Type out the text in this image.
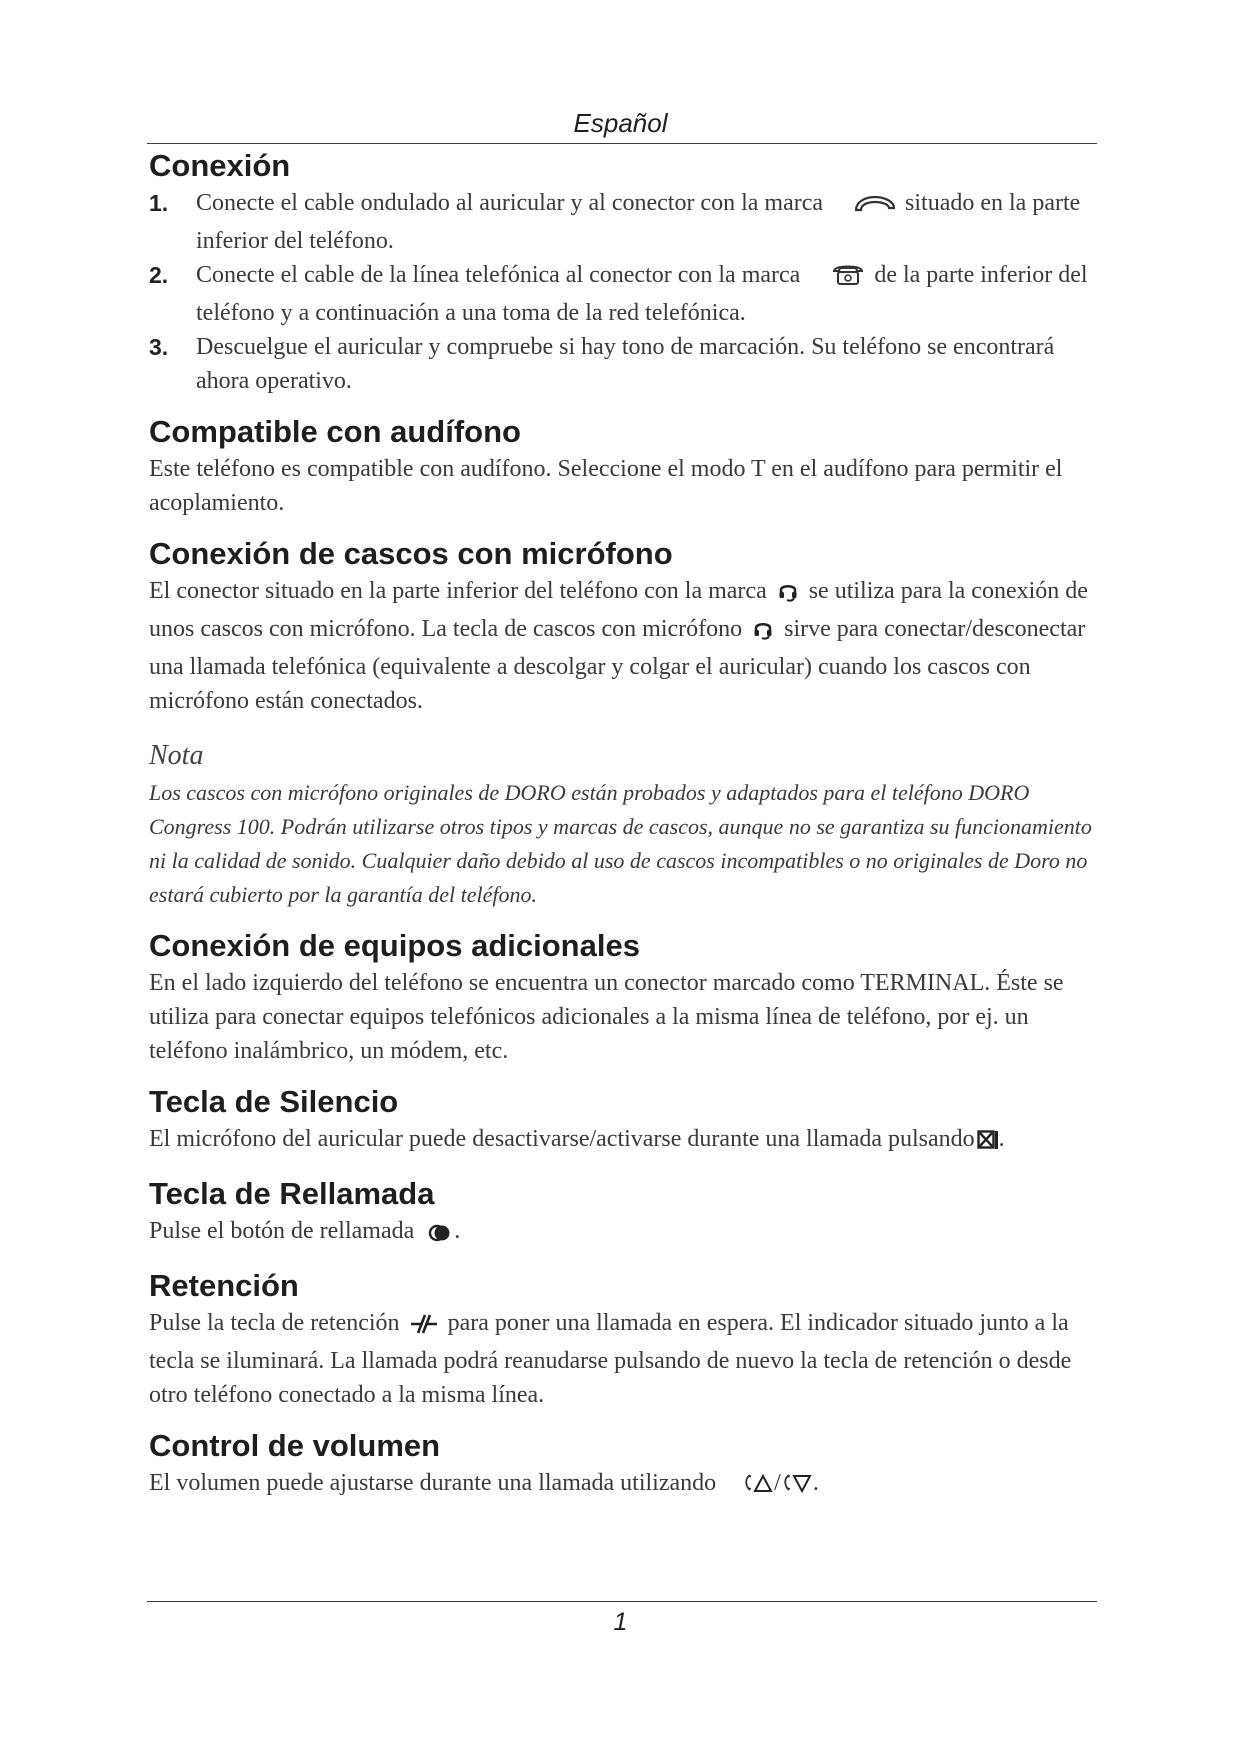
Español
Conexión
1. Conecte el cable ondulado al auricular y al conector con la marca	situado en la parte inferior del teléfono.
2. Conecte el cable de la línea telefónica al conector con la marca	de la parte inferior del teléfono y a continuación a una toma de la red telefónica.
3. Descuelgue el auricular y compruebe si hay tono de marcación. Su teléfono se encontrará ahora operativo.
Compatible con audífono

Este teléfono es compatible con audífono. Seleccione el modo T en el audífono para permitir el acoplamiento.

Conexión de cascos con micrófono

El conector situado en la parte inferior del teléfono con la marca se utiliza para la conexión de unos cascos con micrófono. La tecla de cascos con micrófono sirve para conectar/desconectar una llamada telefónica (equivalente a descolgar y colgar el auricular) cuando los cascos con micrófono están conectados.

Nota

Los cascos con micrófono originales de DORO están probados y adaptados para el teléfono DORO Congress 100. Podrán utilizarse otros tipos y marcas de cascos, aunque no se garantiza su funcionamiento ni la calidad de sonido. Cualquier daño debido al uso de cascos incompatibles o no originales de Doro no estará cubierto por la garantía del teléfono.

Conexión de equipos adicionales

En el lado izquierdo del teléfono se encuentra un conector marcado como TERMINAL. Éste se utiliza para conectar equipos telefónicos adicionales a la misma línea de teléfono, por ej. un teléfono inalámbrico, un módem, etc.

Tecla de Silencio

El micrófono del auricular puede desactivarse/activarse durante una llamada pulsando .

Tecla de Rellamada

Pulse el botón de rellamada .

Retención

Pulse la tecla de retención para poner una llamada en espera. El indicador situado junto a la tecla se iluminará. La llamada podrá reanudarse pulsando de nuevo la tecla de retención o desde otro teléfono conectado a la misma línea.

Control de volumen

El volumen puede ajustarse durante una llamada utilizando / .

1
